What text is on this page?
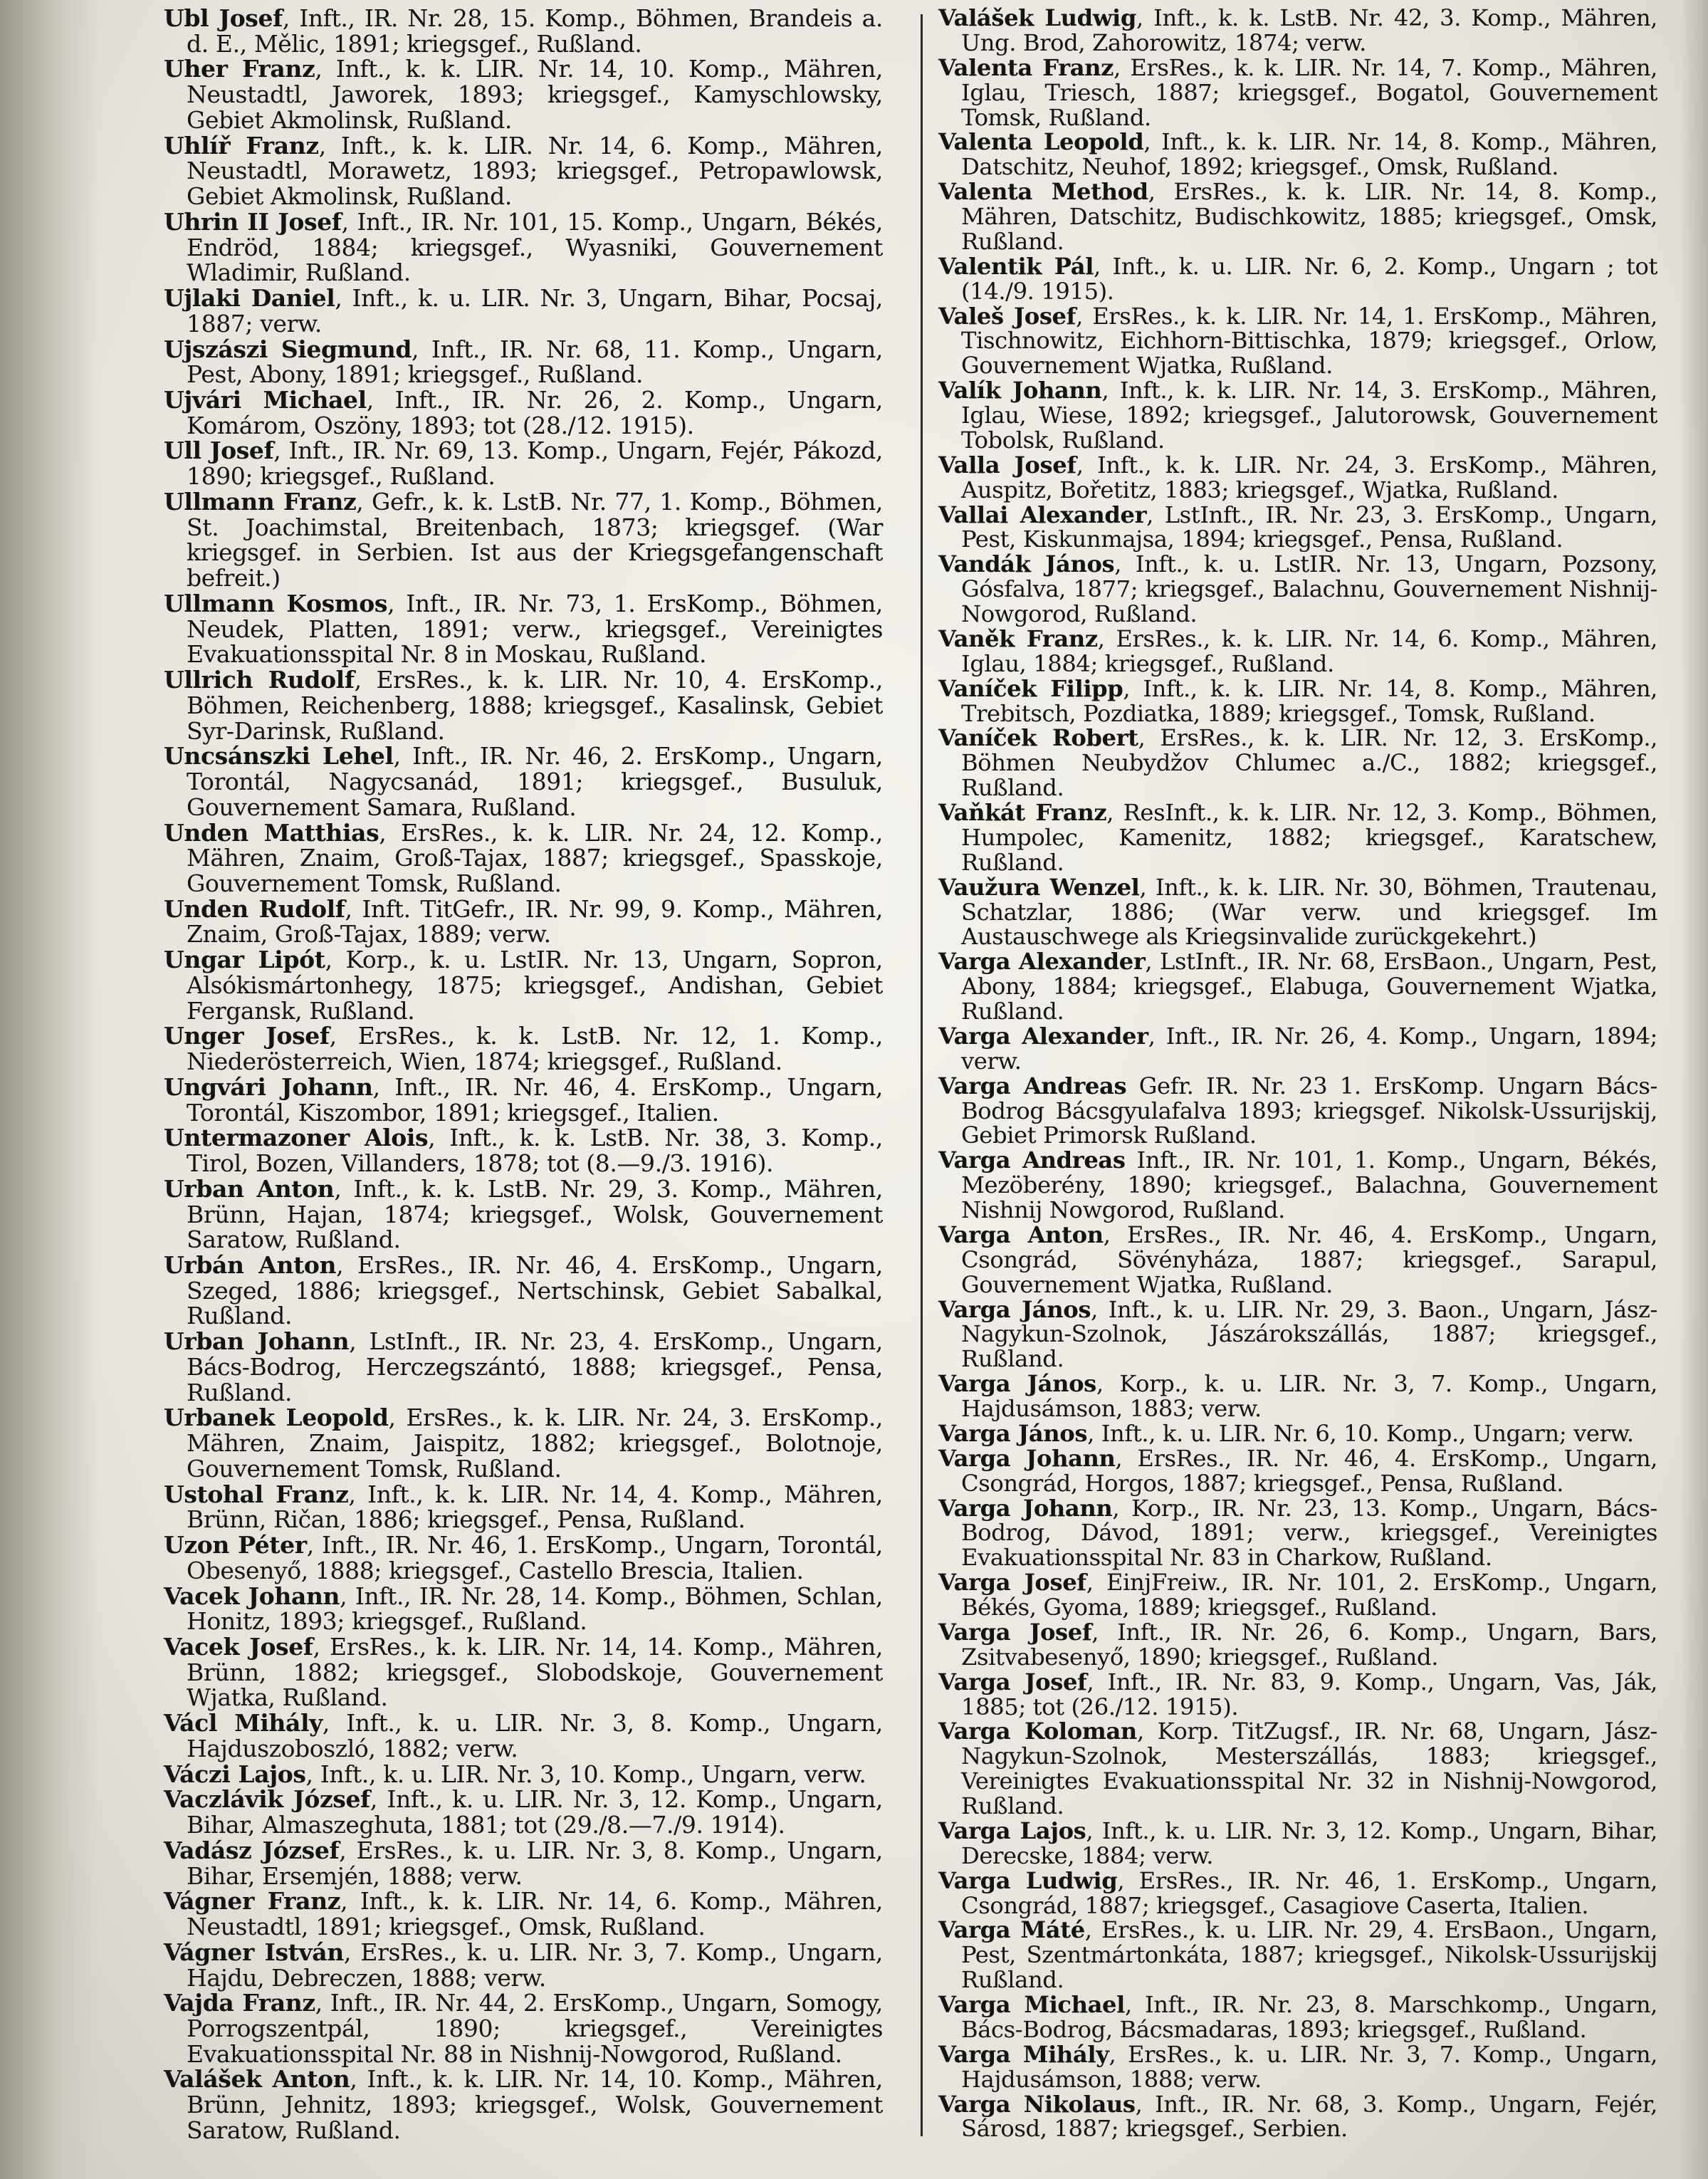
Ubl Josef, Inft., IR. Nr. 28, 15. Komp., Böhmen, Brandeis a. d. E., Mělic, 1891; kriegsgef., Rußland.

Uher Franz, Inft., k. k. LIR. Nr. 14, 10. Komp., Mähren, Neustadtl, Jaworek, 1893; kriegsgef., Kamyschlowsky, Gebiet Akmolinsk, Rußland.

Uhlíř Franz, Inft., k. k. LIR. Nr. 14, 6. Komp., Mähren, Neustadtl, Morawetz, 1893; kriegsgef., Petropawlowsk, Gebiet Akmolinsk, Rußland.

Uhrin II Josef, Inft., IR. Nr. 101, 15. Komp., Ungarn, Békés, Endröd, 1884; kriegsgef., Wyasniki, Gouvernement Wladimir, Rußland.

Ujlaki Daniel, Inft., k. u. LIR. Nr. 3, Ungarn, Bihar, Pocsaj, 1887; verw.

Ujszászi Siegmund, Inft., IR. Nr. 68, 11. Komp., Ungarn, Pest, Abony, 1891; kriegsgef., Rußland.

Ujvári Michael, Inft., IR. Nr. 26, 2. Komp., Ungarn, Komárom, Oszöny, 1893; tot (28./12. 1915).

Ull Josef, Inft., IR. Nr. 69, 13. Komp., Ungarn, Fejér, Pákozd, 1890; kriegsgef., Rußland.

Ullmann Franz, Gefr., k. k. LstB. Nr. 77, 1. Komp., Böhmen, St. Joachimstal, Breitenbach, 1873; kriegsgef. (War kriegsgef. in Serbien. Ist aus der Kriegsgefangenschaft befreit.)

Ullmann Kosmos, Inft., IR. Nr. 73, 1. ErsKomp., Böhmen, Neudek, Platten, 1891; verw., kriegsgef., Vereinigtes Evakuationsspital Nr. 8 in Moskau, Rußland.

Ullrich Rudolf, ErsRes., k. k. LIR. Nr. 10, 4. ErsKomp., Böhmen, Reichenberg, 1888; kriegsgef., Kasalinsk, Gebiet Syr-Darinsk, Rußland.

Uncsánszki Lehel, Inft., IR. Nr. 46, 2. ErsKomp., Ungarn, Torontál, Nagycsanád, 1891; kriegsgef., Busuluk, Gouvernement Samara, Rußland.

Unden Matthias, ErsRes., k. k. LIR. Nr. 24, 12. Komp., Mähren, Znaim, Groß-Tajax, 1887; kriegsgef., Spasskoje, Gouvernement Tomsk, Rußland.

Unden Rudolf, Inft. TitGefr., IR. Nr. 99, 9. Komp., Mähren, Znaim, Groß-Tajax, 1889; verw.

Ungar Lipót, Korp., k. u. LstIR. Nr. 13, Ungarn, Sopron, Alsókismártonhegy, 1875; kriegsgef., Andishan, Gebiet Fergansk, Rußland.

Unger Josef, ErsRes., k. k. LstB. Nr. 12, 1. Komp., Niederösterreich, Wien, 1874; kriegsgef., Rußland.

Ungvári Johann, Inft., IR. Nr. 46, 4. ErsKomp., Ungarn, Torontál, Kiszombor, 1891; kriegsgef., Italien.

Untermazoner Alois, Inft., k. k. LstB. Nr. 38, 3. Komp., Tirol, Bozen, Villanders, 1878; tot (8.—9./3. 1916).

Urban Anton, Inft., k. k. LstB. Nr. 29, 3. Komp., Mähren, Brünn, Hajan, 1874; kriegsgef., Wolsk, Gouvernement Saratow, Rußland.

Urbán Anton, ErsRes., IR. Nr. 46, 4. ErsKomp., Ungarn, Szeged, 1886; kriegsgef., Nertschinsk, Gebiet Sabalkal, Rußland.

Urban Johann, LstInft., IR. Nr. 23, 4. ErsKomp., Ungarn, Bács-Bodrog, Herczegszántó, 1888; kriegsgef., Pensa, Rußland.

Urbanek Leopold, ErsRes., k. k. LIR. Nr. 24, 3. ErsKomp., Mähren, Znaim, Jaispitz, 1882; kriegsgef., Bolotnoje, Gouvernement Tomsk, Rußland.

Ustohal Franz, Inft., k. k. LIR. Nr. 14, 4. Komp., Mähren, Brünn, Ričan, 1886; kriegsgef., Pensa, Rußland.

Uzon Péter, Inft., IR. Nr. 46, 1. ErsKomp., Ungarn, Torontál, Obesenyő, 1888; kriegsgef., Castello Brescia, Italien.

Vacek Johann, Inft., IR. Nr. 28, 14. Komp., Böhmen, Schlan, Honitz, 1893; kriegsgef., Rußland.

Vacek Josef, ErsRes., k. k. LIR. Nr. 14, 14. Komp., Mähren, Brünn, 1882; kriegsgef., Slobodskoje, Gouvernement Wjatka, Rußland.

Václ Mihály, Inft., k. u. LIR. Nr. 3, 8. Komp., Ungarn, Hajduszoboszló, 1882; verw.

Váczi Lajos, Inft., k. u. LIR. Nr. 3, 10. Komp., Ungarn, verw.

Vaczlávik József, Inft., k. u. LIR. Nr. 3, 12. Komp., Ungarn, Bihar, Almaszeghuta, 1881; tot (29./8.—7./9. 1914).

Vadász József, ErsRes., k. u. LIR. Nr. 3, 8. Komp., Ungarn, Bihar, Ersemjén, 1888; verw.

Vágner Franz, Inft., k. k. LIR. Nr. 14, 6. Komp., Mähren, Neustadtl, 1891; kriegsgef., Omsk, Rußland.

Vágner István, ErsRes., k. u. LIR. Nr. 3, 7. Komp., Ungarn, Hajdu, Debreczen, 1888; verw.

Vajda Franz, Inft., IR. Nr. 44, 2. ErsKomp., Ungarn, Somogy, Porrogszentpál, 1890; kriegsgef., Vereinigtes Evakuationsspital Nr. 88 in Nishnij-Nowgorod, Rußland.

Valášek Anton, Inft., k. k. LIR. Nr. 14, 10. Komp., Mähren, Brünn, Jehnitz, 1893; kriegsgef., Wolsk, Gouvernement Saratow, Rußland.

Valášek Ludwig, Inft., k. k. LstB. Nr. 42, 3. Komp., Mähren, Ung. Brod, Zahorowitz, 1874; verw.

Valenta Franz, ErsRes., k. k. LIR. Nr. 14, 7. Komp., Mähren, Iglau, Triesch, 1887; kriegsgef., Bogatol, Gouvernement Tomsk, Rußland.

Valenta Leopold, Inft., k. k. LIR. Nr. 14, 8. Komp., Mähren, Datschitz, Neuhof, 1892; kriegsgef., Omsk, Rußland.

Valenta Method, ErsRes., k. k. LIR. Nr. 14, 8. Komp., Mähren, Datschitz, Budischkowitz, 1885; kriegsgef., Omsk, Rußland.

Valentik Pál, Inft., k. u. LIR. Nr. 6, 2. Komp., Ungarn ; tot (14./9. 1915).

Valeš Josef, ErsRes., k. k. LIR. Nr. 14, 1. ErsKomp., Mähren, Tischnowitz, Eichhorn-Bittischka, 1879; kriegsgef., Orlow, Gouvernement Wjatka, Rußland.

Valík Johann, Inft., k. k. LIR. Nr. 14, 3. ErsKomp., Mähren, Iglau, Wiese, 1892; kriegsgef., Jalutorowsk, Gouvernement Tobolsk, Rußland.

Valla Josef, Inft., k. k. LIR. Nr. 24, 3. ErsKomp., Mähren, Auspitz, Bořetitz, 1883; kriegsgef., Wjatka, Rußland.

Vallai Alexander, LstInft., IR. Nr. 23, 3. ErsKomp., Ungarn, Pest, Kiskunmajsa, 1894; kriegsgef., Pensa, Rußland.

Vandák János, Inft., k. u. LstIR. Nr. 13, Ungarn, Pozsony, Gósfalva, 1877; kriegsgef., Balachnu, Gouvernement Nishnij-Nowgorod, Rußland.

Vaněk Franz, ErsRes., k. k. LIR. Nr. 14, 6. Komp., Mähren, Iglau, 1884; kriegsgef., Rußland.

Vaníček Filipp, Inft., k. k. LIR. Nr. 14, 8. Komp., Mähren, Trebitsch, Pozdiatka, 1889; kriegsgef., Tomsk, Rußland.

Vaníček Robert, ErsRes., k. k. LIR. Nr. 12, 3. ErsKomp., Böhmen Neubydžov Chlumec a./C., 1882; kriegsgef., Rußland.

Vaňkát Franz, ResInft., k. k. LIR. Nr. 12, 3. Komp., Böhmen, Humpolec, Kamenitz, 1882; kriegsgef., Karatschew, Rußland.

Vaužura Wenzel, Inft., k. k. LIR. Nr. 30, Böhmen, Trautenau, Schatzlar, 1886; (War verw. und kriegsgef. Im Austauschwege als Kriegsinvalide zurückgekehrt.)

Varga Alexander, LstInft., IR. Nr. 68, ErsBaon., Ungarn, Pest, Abony, 1884; kriegsgef., Elabuga, Gouvernement Wjatka, Rußland.

Varga Alexander, Inft., IR. Nr. 26, 4. Komp., Ungarn, 1894; verw.

Varga Andreas Gefr. IR. Nr. 23 1. ErsKomp. Ungarn Bács-Bodrog Bácsgyulafalva 1893; kriegsgef. Nikolsk-Ussurijskij, Gebiet Primorsk Rußland.

Varga Andreas Inft., IR. Nr. 101, 1. Komp., Ungarn, Békés, Mezöberény, 1890; kriegsgef., Balachna, Gouvernement Nishnij Nowgorod, Rußland.

Varga Anton, ErsRes., IR. Nr. 46, 4. ErsKomp., Ungarn, Csongrád, Sövényháza, 1887; kriegsgef., Sarapul, Gouvernement Wjatka, Rußland.

Varga János, Inft., k. u. LIR. Nr. 29, 3. Baon., Ungarn, Jász-Nagykun-Szolnok, Jászárokszállás, 1887; kriegsgef., Rußland.

Varga János, Korp., k. u. LIR. Nr. 3, 7. Komp., Ungarn, Hajdusámson, 1883; verw.

Varga János, Inft., k. u. LIR. Nr. 6, 10. Komp., Ungarn; verw.

Varga Johann, ErsRes., IR. Nr. 46, 4. ErsKomp., Ungarn, Csongrád, Horgos, 1887; kriegsgef., Pensa, Rußland.

Varga Johann, Korp., IR. Nr. 23, 13. Komp., Ungarn, Bács-Bodrog, Dávod, 1891; verw., kriegsgef., Vereinigtes Evakuationsspital Nr. 83 in Charkow, Rußland.

Varga Josef, EinjFreiw., IR. Nr. 101, 2. ErsKomp., Ungarn, Békés, Gyoma, 1889; kriegsgef., Rußland.

Varga Josef, Inft., IR. Nr. 26, 6. Komp., Ungarn, Bars, Zsitvabesenyő, 1890; kriegsgef., Rußland.

Varga Josef, Inft., IR. Nr. 83, 9. Komp., Ungarn, Vas, Ják, 1885; tot (26./12. 1915).

Varga Koloman, Korp. TitZugsf., IR. Nr. 68, Ungarn, Jász-Nagykun-Szolnok, Mesterszállás, 1883; kriegsgef., Vereinigtes Evakuationsspital Nr. 32 in Nishnij-Nowgorod, Rußland.

Varga Lajos, Inft., k. u. LIR. Nr. 3, 12. Komp., Ungarn, Bihar, Derecske, 1884; verw.

Varga Ludwig, ErsRes., IR. Nr. 46, 1. ErsKomp., Ungarn, Csongrád, 1887; kriegsgef., Casagiove Caserta, Italien.

Varga Máté, ErsRes., k. u. LIR. Nr. 29, 4. ErsBaon., Ungarn, Pest, Szentmártonkáta, 1887; kriegsgef., Nikolsk-Ussurijskij Rußland.

Varga Michael, Inft., IR. Nr. 23, 8. Marschkomp., Ungarn, Bács-Bodrog, Bácsmadaras, 1893; kriegsgef., Rußland.

Varga Mihály, ErsRes., k. u. LIR. Nr. 3, 7. Komp., Ungarn, Hajdusámson, 1888; verw.

Varga Nikolaus, Inft., IR. Nr. 68, 3. Komp., Ungarn, Fejér, Sárosd, 1887; kriegsgef., Serbien.
